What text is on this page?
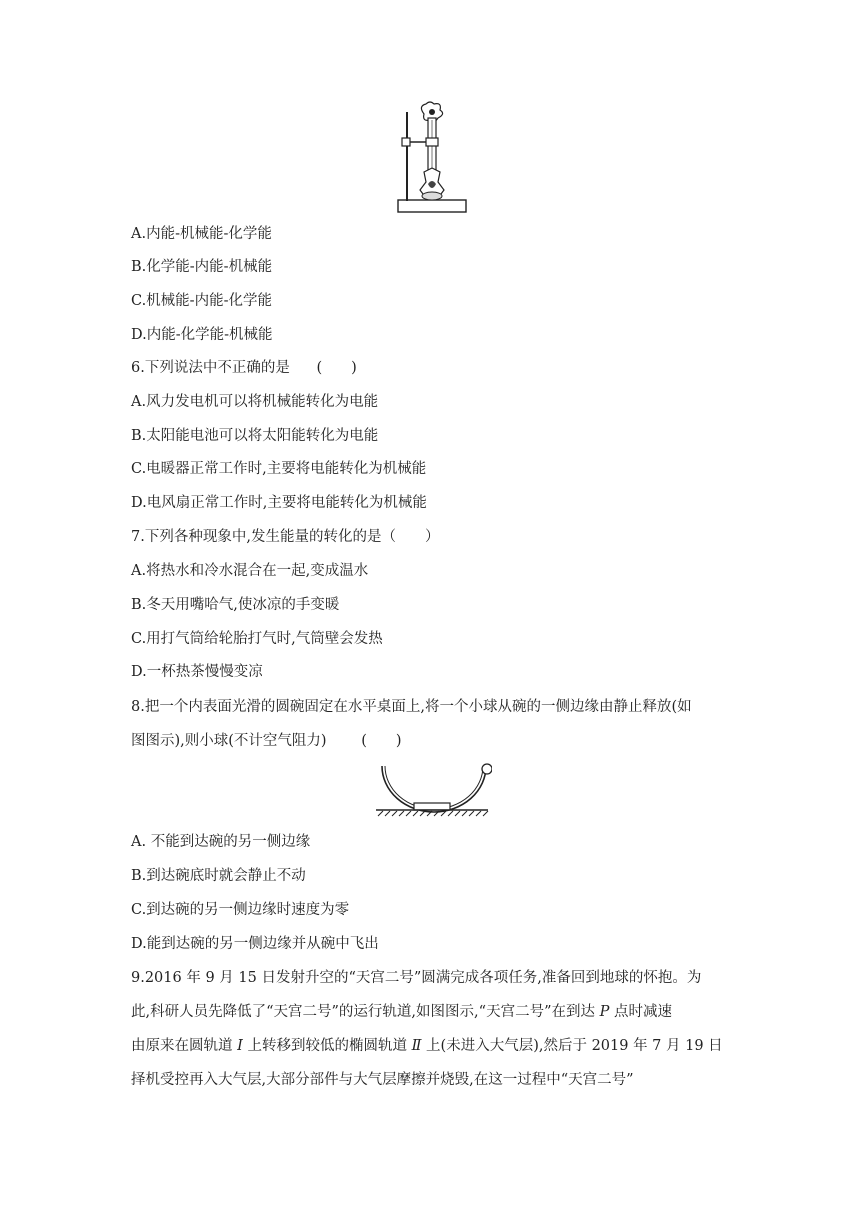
A.内能-机械能-化学能
B.化学能-内能-机械能
C.机械能-内能-化学能
D.内能-化学能-机械能
6.下列说法中不正确的是 (　　)
A.风力发电机可以将机械能转化为电能
B.太阳能电池可以将太阳能转化为电能
C.电暖器正常工作时,主要将电能转化为机械能
D.电风扇正常工作时,主要将电能转化为机械能
7.下列各种现象中,发生能量的转化的是（　　）
A.将热水和冷水混合在一起,变成温水
B.冬天用嘴哈气,使冰凉的手变暖
C.用打气筒给轮胎打气时,气筒壁会发热
D.一杯热茶慢慢变凉
8.把一个内表面光滑的圆碗固定在水平桌面上,将一个小球从碗的一侧边缘由静止释放(如
图图示),则小球(不计空气阻力) (　　)
A. 不能到达碗的另一侧边缘
B.到达碗底时就会静止不动
C.到达碗的另一侧边缘时速度为零
D.能到达碗的另一侧边缘并从碗中飞出
9.2016 年 9 月 15 日发射升空的“天宫二号”圆满完成各项任务,准备回到地球的怀抱。为
此,科研人员先降低了“天宫二号”的运行轨道,如图图示,“天宫二号”在到达 P 点时减速
由原来在圆轨道 Ⅰ 上转移到较低的椭圆轨道 Ⅱ 上(未进入大气层),然后于 2019 年 7 月 19 日
择机受控再入大气层,大部分部件与大气层摩擦并烧毁,在这一过程中“天宫二号”
